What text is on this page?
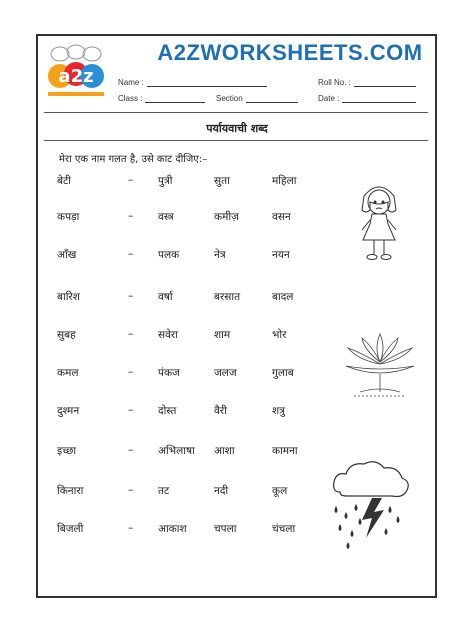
a2z
A2ZWORKSHEETS.COM
Name :	Roll No. :
Class :	Section	Date :
पर्यायवाची शब्द
मेरा एक नाम गलत है, उसे काट दीजिए:–
बेटी	– पुत्री	सुता	महिला
कपड़ा	– वस्त्र	कमीज़	वसन
आँख	– पलक	नेत्र	नयन
बारिश	– वर्षा	बरसात	बादल
सुबह	– सवेरा	शाम	भोर
कमल	– पंकज	जलज	गुलाब
दुश्मन	– दोस्त	वैरी	शत्रु
इच्छा	– अभिलाषा आशा	कामना
किनारा	– तट	नदी	कूल
बिजली	– आकाश	चपला	चंचला
